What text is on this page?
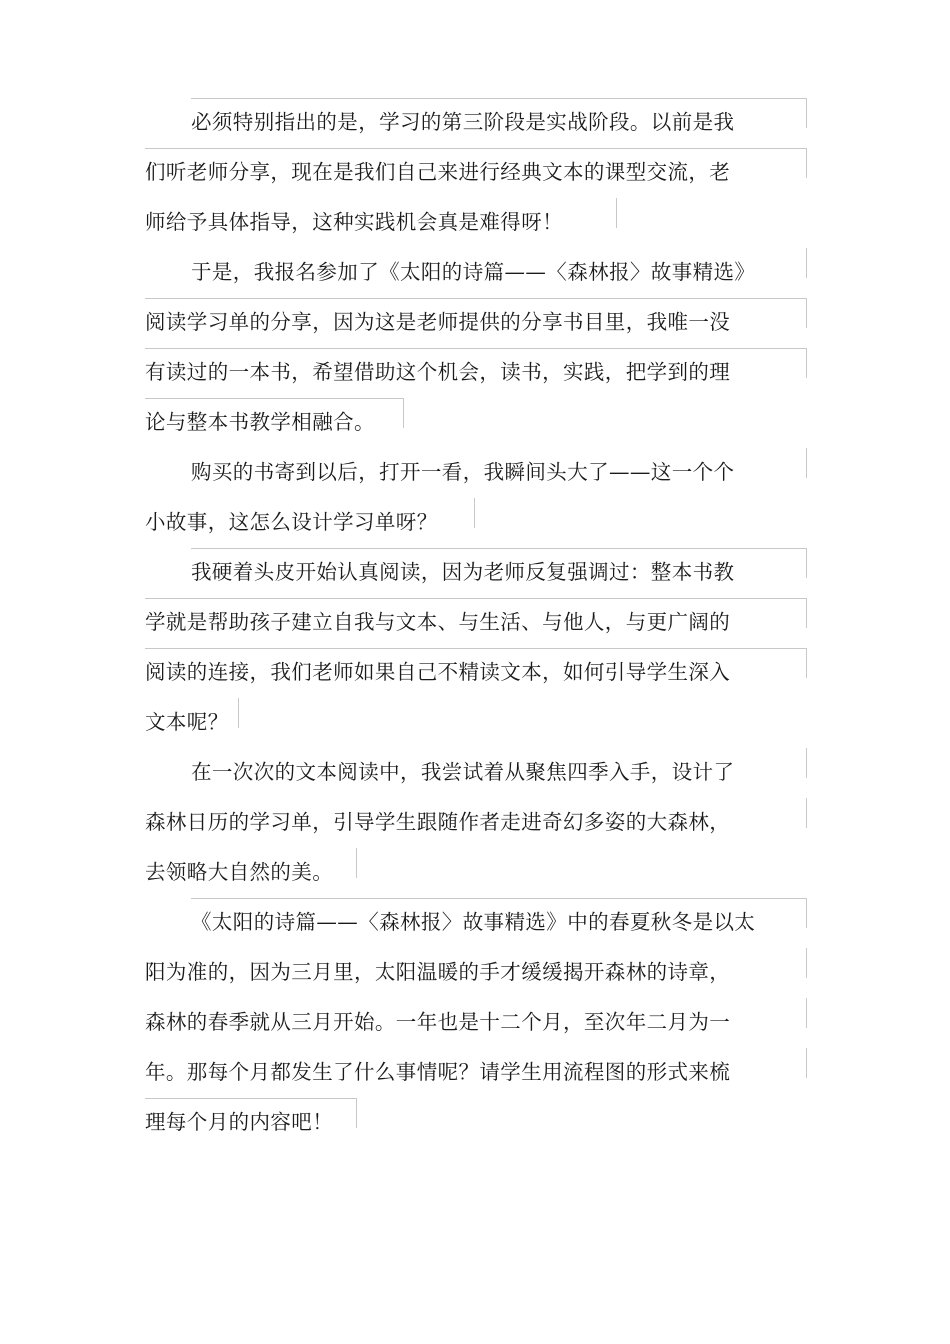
必须特别指出的是，学习的第三阶段是实战阶段。以前是我
们听老师分享，现在是我们自己来进行经典文本的课型交流，老
师给予具体指导，这种实践机会真是难得呀！
于是，我报名参加了《太阳的诗篇——〈森林报〉故事精选》
阅读学习单的分享，因为这是老师提供的分享书目里，我唯一没
有读过的一本书，希望借助这个机会，读书，实践，把学到的理
论与整本书教学相融合。
购买的书寄到以后，打开一看，我瞬间头大了——这一个个
小故事，这怎么设计学习单呀？
我硬着头皮开始认真阅读，因为老师反复强调过：整本书教
学就是帮助孩子建立自我与文本、与生活、与他人，与更广阔的
阅读的连接，我们老师如果自己不精读文本，如何引导学生深入
文本呢？
在一次次的文本阅读中，我尝试着从聚焦四季入手，设计了
森林日历的学习单，引导学生跟随作者走进奇幻多姿的大森林，
去领略大自然的美。
《太阳的诗篇——〈森林报〉故事精选》中的春夏秋冬是以太
阳为准的，因为三月里，太阳温暖的手才缓缓揭开森林的诗章，
森林的春季就从三月开始。一年也是十二个月，至次年二月为一
年。那每个月都发生了什么事情呢？请学生用流程图的形式来梳
理每个月的内容吧！
